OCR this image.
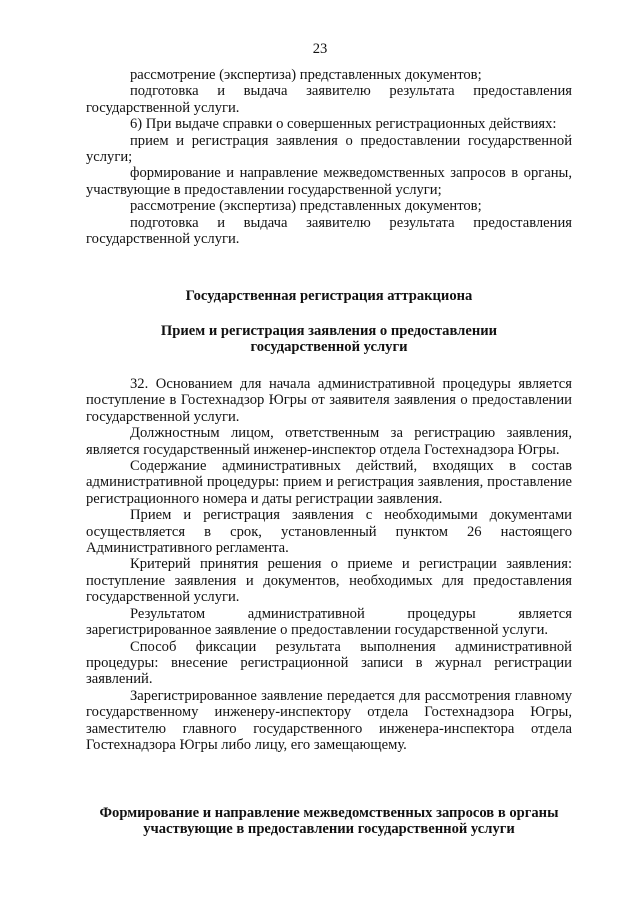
23

рассмотрение (экспертиза) представленных документов;

подготовка и выдача заявителю результата предоставления государственной услуги.

6) При выдаче справки о совершенных регистрационных действиях:

прием и регистрация заявления о предоставлении государственной услуги;

формирование и направление межведомственных запросов в органы, участвующие в предоставлении государственной услуги;

рассмотрение (экспертиза) представленных документов;

подготовка и выдача заявителю результата предоставления государственной услуги.

Государственная регистрация аттракциона

Прием и регистрация заявления о предоставлении государственной услуги

32. Основанием для начала административной процедуры является поступление в Гостехнадзор Югры от заявителя заявления о предоставлении государственной услуги.

Должностным лицом, ответственным за регистрацию заявления, является государственный инженер-инспектор отдела Гостехнадзора Югры.

Содержание административных действий, входящих в состав административной процедуры: прием и регистрация заявления, проставление регистрационного номера и даты регистрации заявления.

Прием и регистрация заявления с необходимыми документами осуществляется в срок, установленный пунктом 26 настоящего Административного регламента.

Критерий принятия решения о приеме и регистрации заявления: поступление заявления и документов, необходимых для предоставления государственной услуги.

Результатом административной процедуры является зарегистрированное заявление о предоставлении государственной услуги.

Способ фиксации результата выполнения административной процедуры: внесение регистрационной записи в журнал регистрации заявлений.

Зарегистрированное заявление передается для рассмотрения главному государственному инженеру-инспектору отдела Гостехнадзора Югры, заместителю главного государственного инженера-инспектора отдела Гостехнадзора Югры либо лицу, его замещающему.

Формирование и направление межведомственных запросов в органы участвующие в предоставлении государственной услуги
